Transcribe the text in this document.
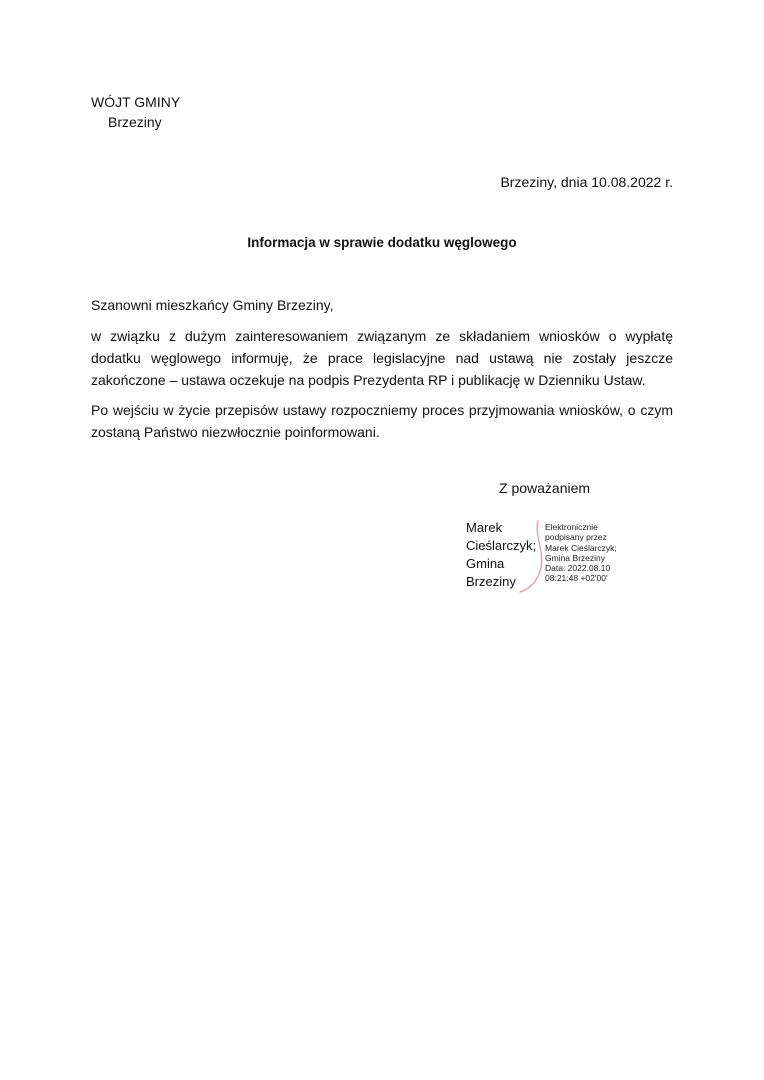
WÓJT GMINY
Brzeziny
Brzeziny, dnia 10.08.2022 r.
Informacja w sprawie dodatku węglowego

Szanowni mieszkańcy Gminy Brzeziny,

w związku z dużym zainteresowaniem związanym ze składaniem wniosków o wypłatę dodatku węglowego informuję, że prace legislacyjne nad ustawą nie zostały jeszcze zakończone – ustawa oczekuje na podpis Prezydenta RP i publikację w Dzienniku Ustaw.

Po wejściu w życie przepisów ustawy rozpoczniemy proces przyjmowania wniosków, o czym zostaną Państwo niezwłocznie poinformowani.

Z poważaniem
Marek
Cieślarczyk;
Gmina
Brzeziny
Elektronicznie
podpisany przez
Marek Cieślarczyk;
Gmina Brzeziny
Data: 2022.08.10
08:21:48 +02'00'
